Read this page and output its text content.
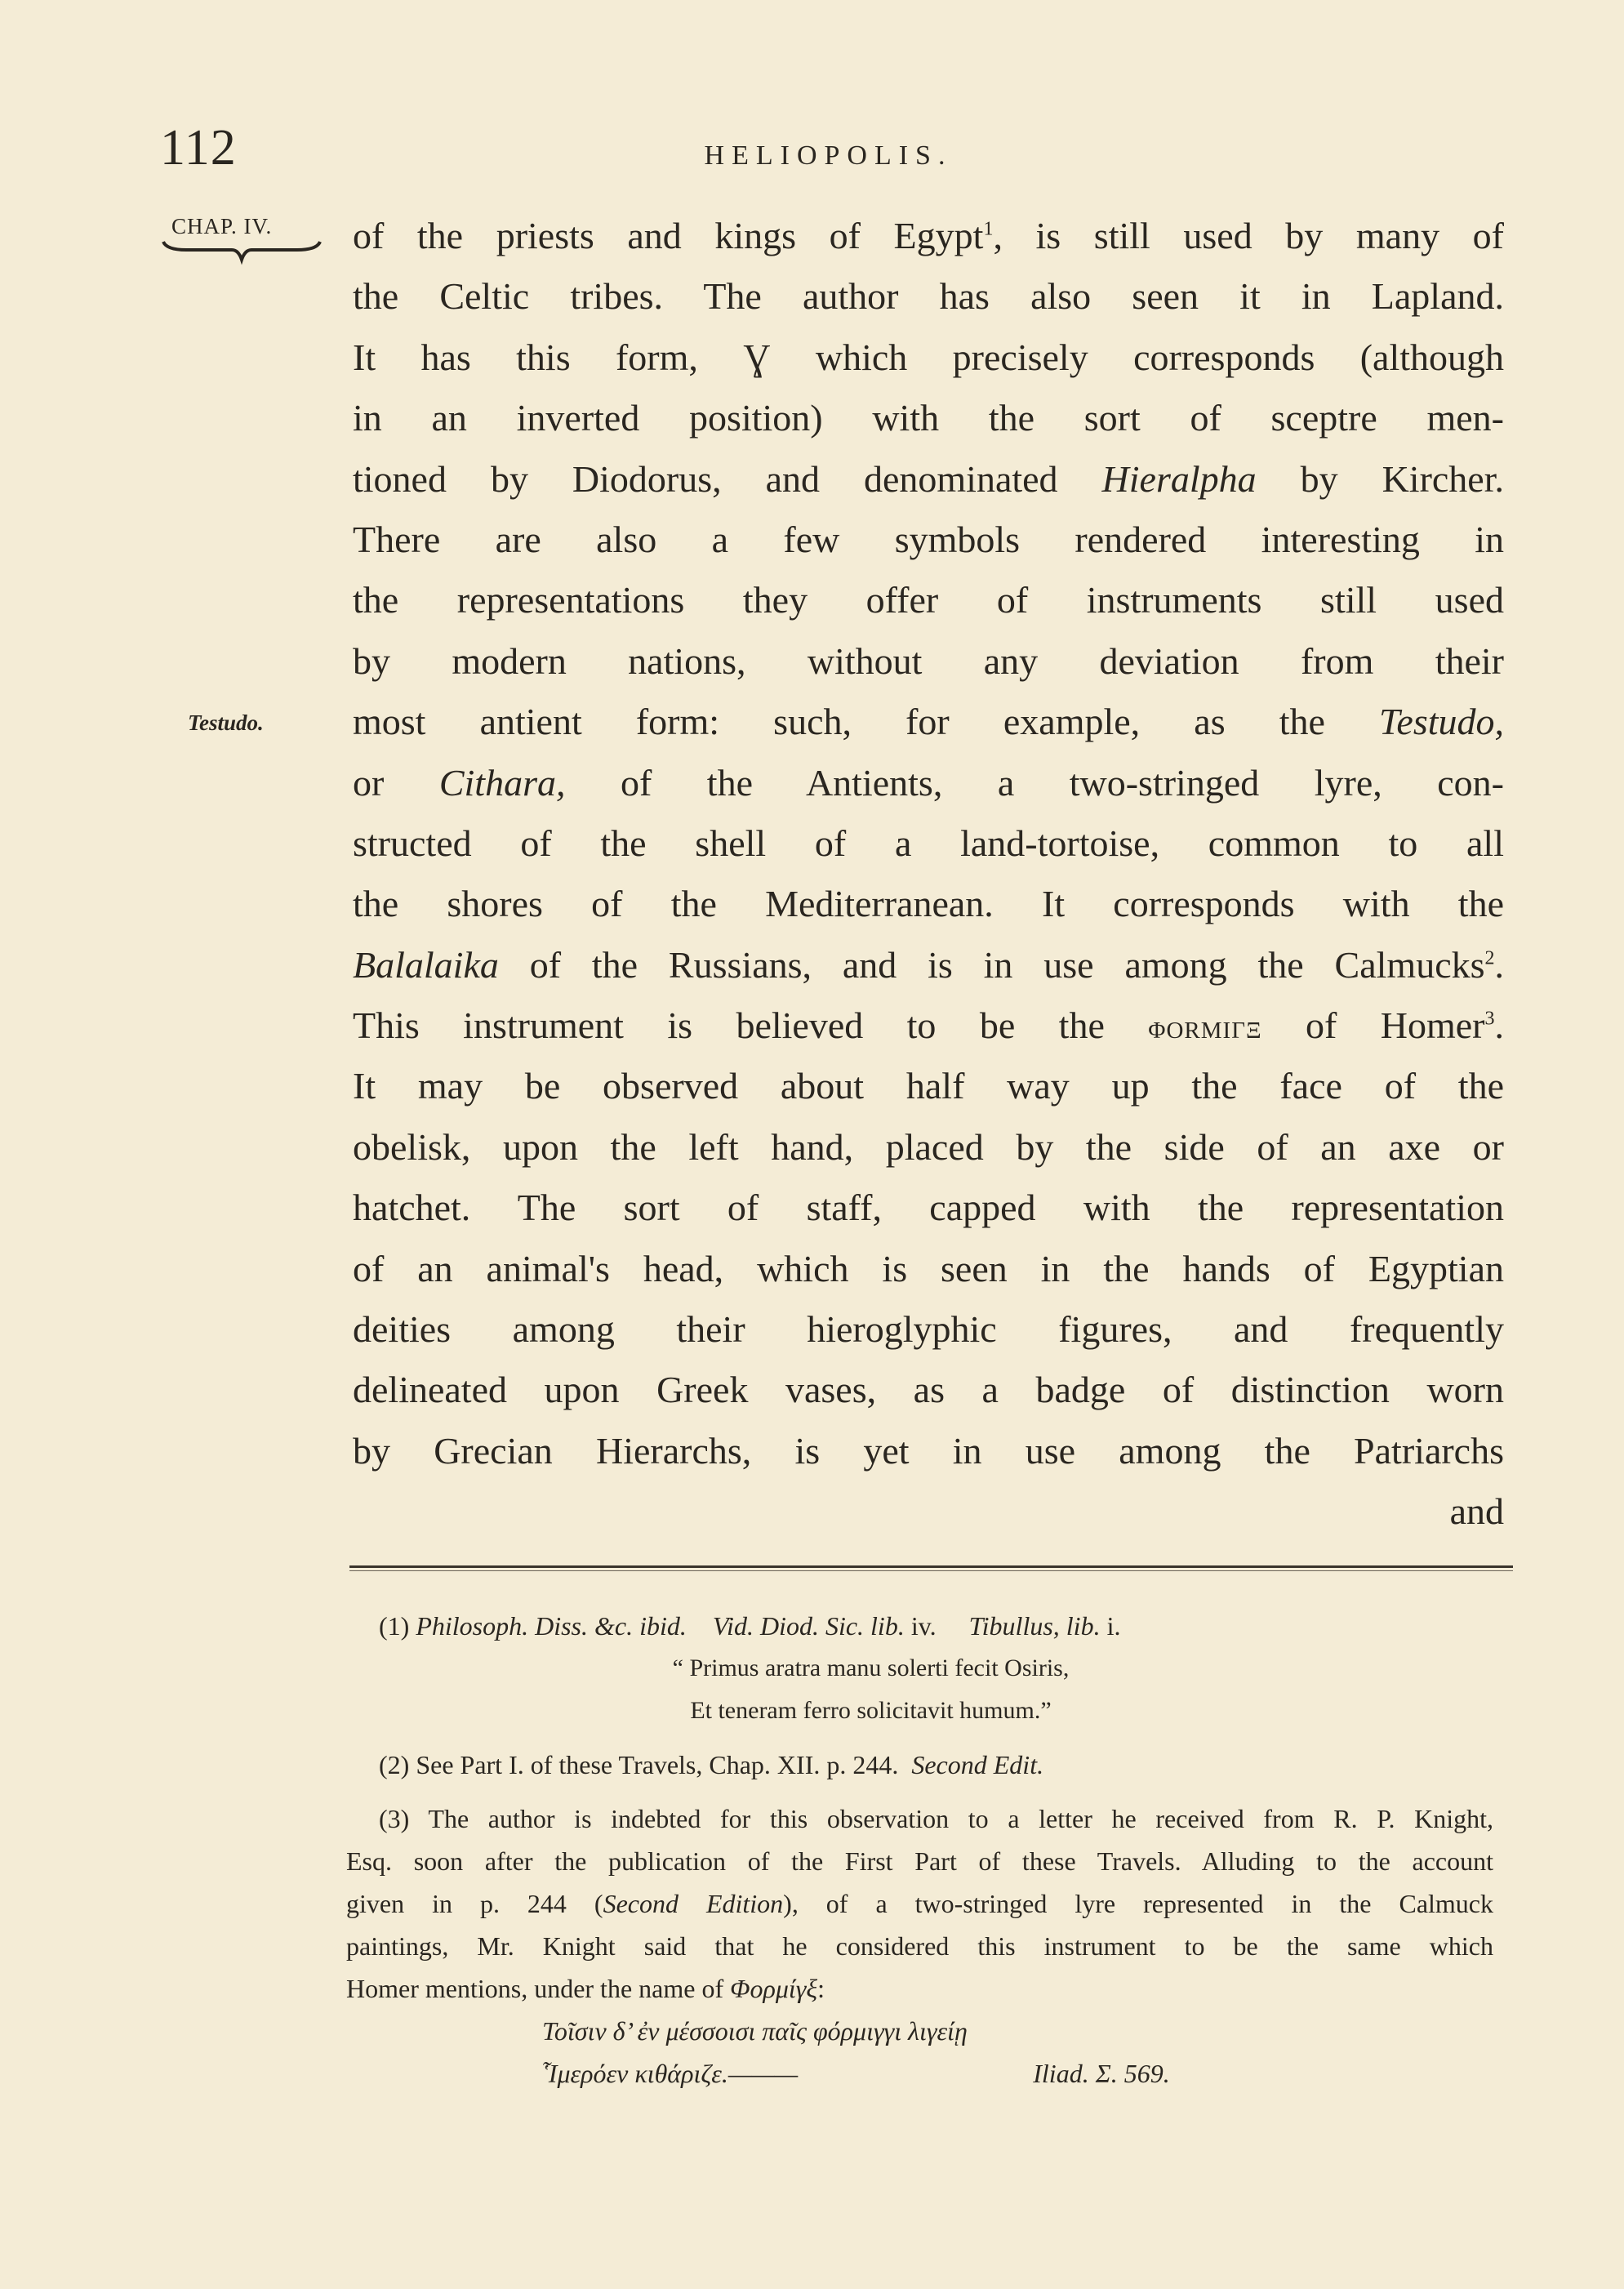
112	HELIOPOLIS.
CHAP. IV.
Testudo.
of the priests and kings of Egypt$^1$, is still used by many of
the Celtic tribes. The author has also seen it in Lapland.
It has this form, Ɣ which precisely corresponds (although
in an inverted position) with the sort of sceptre men-
tioned by Diodorus, and denominated Hieralpha by Kircher.
There are also a few symbols rendered interesting in
the representations they offer of instruments still used
by modern nations, without any deviation from their
most antient form: such, for example, as the Testudo,
or Cithara, of the Antients, a two-stringed lyre, con-
structed of the shell of a land-tortoise, common to all
the shores of the Mediterranean. It corresponds with the
Balalaika of the Russians, and is in use among the Calmucks$^2$.
This instrument is believed to be the ΦORMIΓΞ of Homer$^3$.
It may be observed about half way up the face of the
obelisk, upon the left hand, placed by the side of an axe or
hatchet. The sort of staff, capped with the representation
of an animal's head, which is seen in the hands of Egyptian
deities among their hieroglyphic figures, and frequently
delineated upon Greek vases, as a badge of distinction worn
by Grecian Hierarchs, is yet in use among the Patriarchs
and
(1) Philosoph. Diss. &c. ibid. Vid. Diod. Sic. lib. iv. Tibullus, lib. i.
“ Primus aratra manu solerti fecit Osiris,
Et teneram ferro solicitavit humum.”
(2) See Part I. of these Travels, Chap. XII. p. 244. Second Edit.
(3) The author is indebted for this observation to a letter he received from R. P. Knight,
Esq. soon after the publication of the First Part of these Travels. Alluding to the account
given in p. 244 (Second Edition), of a two-stringed lyre represented in the Calmuck
paintings, Mr. Knight said that he considered this instrument to be the same which
Homer mentions, under the name of Φορμίγξ:
Τοῖσιν δ’ ἐν μέσσοισι παῖς φόρμιγγι λιγείῃ
Ἷμερόεν κιθάριζε.———	Iliad. Σ. 569.
